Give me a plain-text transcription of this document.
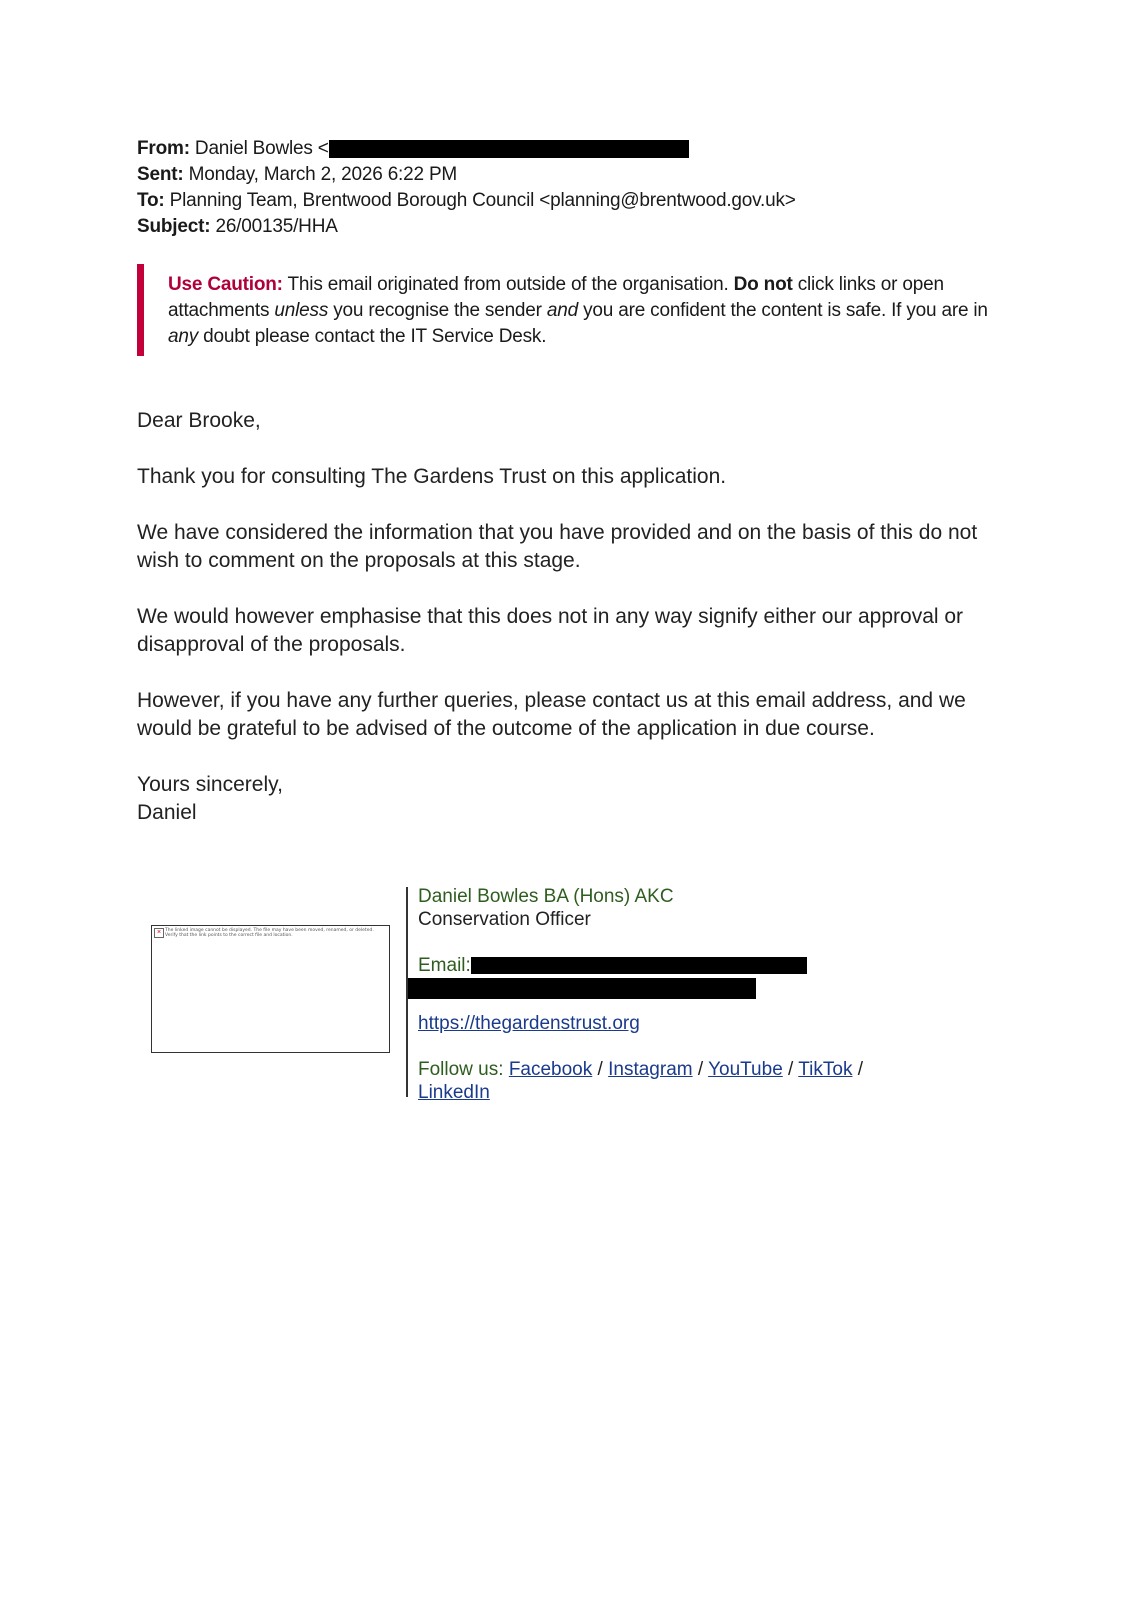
From: Daniel Bowles <
Sent: Monday, March 2, 2026 6:22 PM
To: Planning Team, Brentwood Borough Council <planning@brentwood.gov.uk>
Subject: 26/00135/HHA
Use Caution: This email originated from outside of the organisation. Do not click links or open attachments unless you recognise the sender and you are confident the content is safe. If you are in any doubt please contact the IT Service Desk.

Dear Brooke,

Thank you for consulting The Gardens Trust on this application.

We have considered the information that you have provided and on the basis of this do not wish to comment on the proposals at this stage.

We would however emphasise that this does not in any way signify either our approval or disapproval of the proposals.

However, if you have any further queries, please contact us at this email address, and we would be grateful to be advised of the outcome of the application in due course.

Yours sincerely,
Daniel

× The linked image cannot be displayed. The file may have been moved, renamed, or deleted. Verify that the link points to the correct file and location.
Daniel Bowles BA (Hons) AKC
Conservation Officer
Email:
https://thegardenstrust.org
Follow us: Facebook / Instagram / YouTube / TikTok /
LinkedIn
